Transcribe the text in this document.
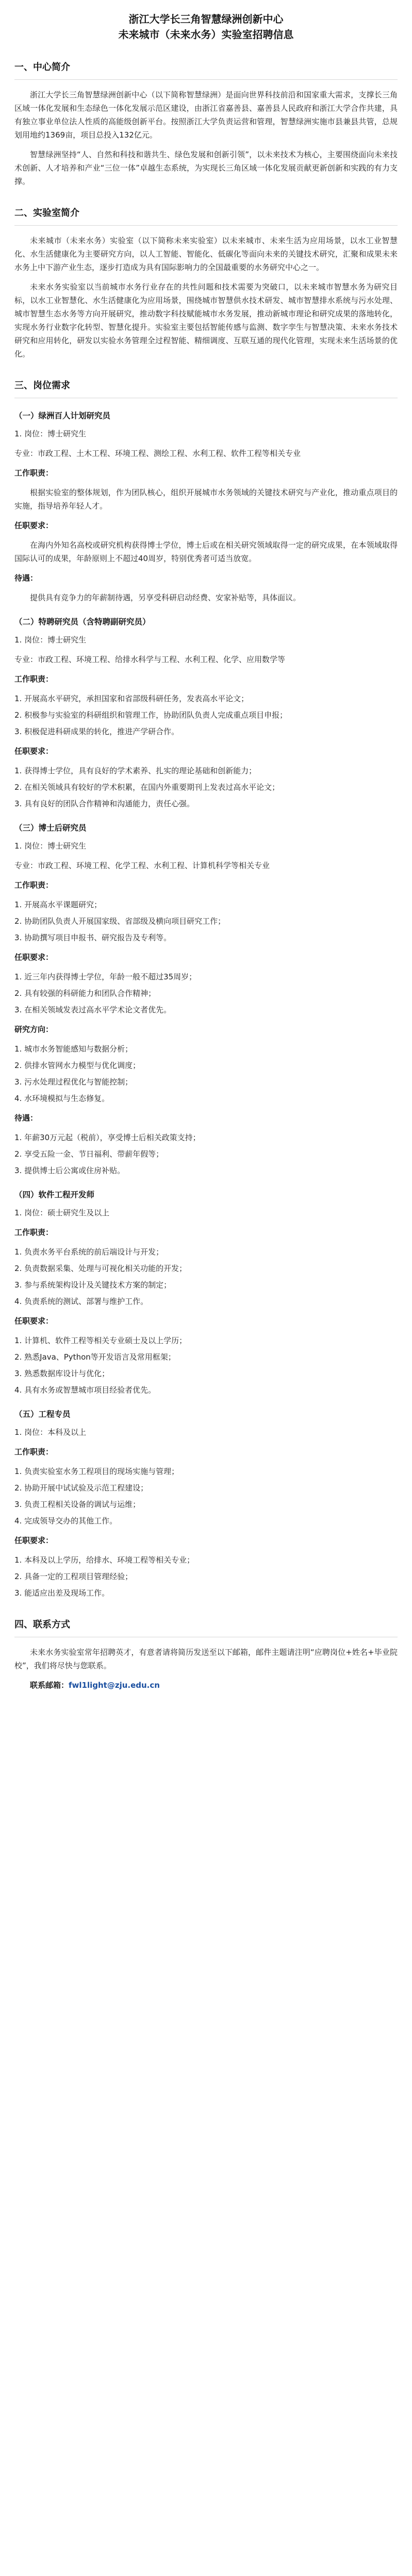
浙江大学长三角智慧绿洲创新中心
未来城市（未来水务）实验室招聘信息
一、中心简介

浙江大学长三角智慧绿洲创新中心（以下简称智慧绿洲）是面向世界科技前沿和国家重大需求，支撑长三角区域一体化发展和生态绿色一体化发展示范区建设，由浙江省嘉善县、嘉善县人民政府和浙江大学合作共建，具有独立事业单位法人性质的高能级创新平台。按照浙江大学负责运营和管理，智慧绿洲实施市县兼县共管，总规划用地约1369亩，项目总投入132亿元。

智慧绿洲坚持“人、自然和科技和谐共生、绿色发展和创新引领”，以未来技术为核心，主要围绕面向未来技术创新、人才培养和产业“三位一体”卓越生态系统，为实现长三角区域一体化发展贡献更新创新和实践的有力支撑。

二、实验室简介

未来城市（未来水务）实验室（以下简称未来实验室）以未来城市、未来生活为应用场景，以水工业智慧化、水生活健康化为主要研究方向，以人工智能、智能化、低碳化等面向未来的关键技术研究，汇聚和成果未来水务上中下游产业生态，逐步打造成为具有国际影响力的全国最重要的水务研究中心之一。

未来水务实验室以当前城市水务行业存在的共性问题和技术需要为突破口，以未来城市智慧水务为研究目标，以水工业智慧化、水生活健康化为应用场景，围绕城市智慧供水技术研发、城市智慧排水系统与污水处理、城市智慧生态水务等方向开展研究，推动数字科技赋能城市水务发展，推动新城市理论和研究成果的落地转化，实现水务行业数字化转型、智慧化提升。实验室主要包括智能传感与监测、数字孪生与智慧决策、未来水务技术研究和应用转化，研发以实验水务管理全过程智能、精细调度、互联互通的现代化管理，实现未来生活场景的优化。

三、岗位需求
（一）绿洲百人计划研究员

1. 岗位：博士研究生

专业：市政工程、土木工程、环境工程、测绘工程、水利工程、软件工程等相关专业

工作职责：

根据实验室的整体规划，作为团队核心，组织开展城市水务领域的关键技术研究与产业化，推动重点项目的实施，指导培养年轻人才。

任职要求：

在海内外知名高校或研究机构获得博士学位，博士后或在相关研究领域取得一定的研究成果，在本领域取得国际认可的成果，年龄原则上不超过40周岁，特别优秀者可适当放宽。

待遇：

提供具有竞争力的年薪制待遇，另享受科研启动经费、安家补贴等，具体面议。

（二）特聘研究员（含特聘副研究员）

1. 岗位：博士研究生

专业：市政工程、环境工程、给排水科学与工程、水利工程、化学、应用数学等

工作职责：

1. 开展高水平研究，承担国家和省部级科研任务，发表高水平论文；
2. 积极参与实验室的科研组织和管理工作，协助团队负责人完成重点项目申报；
3. 积极促进科研成果的转化，推进产学研合作。

任职要求：

1. 获得博士学位，具有良好的学术素养、扎实的理论基础和创新能力；
2. 在相关领域具有较好的学术积累，在国内外重要期刊上发表过高水平论文；
3. 具有良好的团队合作精神和沟通能力，责任心强。
（三）博士后研究员

1. 岗位：博士研究生

专业：市政工程、环境工程、化学工程、水利工程、计算机科学等相关专业

工作职责：

1. 开展高水平课题研究；
2. 协助团队负责人开展国家级、省部级及横向项目研究工作；
3. 协助撰写项目申报书、研究报告及专利等。

任职要求：

1. 近三年内获得博士学位，年龄一般不超过35周岁；
2. 具有较强的科研能力和团队合作精神；
3. 在相关领域发表过高水平学术论文者优先。

研究方向：

1. 城市水务智能感知与数据分析；
2. 供排水管网水力模型与优化调度；
3. 污水处理过程优化与智能控制；
4. 水环境模拟与生态修复。

待遇：

1. 年薪30万元起（税前），享受博士后相关政策支持；
2. 享受五险一金、节日福利、带薪年假等；
3. 提供博士后公寓或住房补贴。
（四）软件工程开发师

1. 岗位：硕士研究生及以上

工作职责：

1. 负责水务平台系统的前后端设计与开发；
2. 负责数据采集、处理与可视化相关功能的开发；
3. 参与系统架构设计及关键技术方案的制定；
4. 负责系统的测试、部署与维护工作。

任职要求：

1. 计算机、软件工程等相关专业硕士及以上学历；
2. 熟悉Java、Python等开发语言及常用框架；
3. 熟悉数据库设计与优化；
4. 具有水务或智慧城市项目经验者优先。
（五）工程专员

1. 岗位：本科及以上

工作职责：

1. 负责实验室水务工程项目的现场实施与管理；
2. 协助开展中试试验及示范工程建设；
3. 负责工程相关设备的调试与运维；
4. 完成领导交办的其他工作。

任职要求：

1. 本科及以上学历，给排水、环境工程等相关专业；
2. 具备一定的工程项目管理经验；
3. 能适应出差及现场工作。
四、联系方式

未来水务实验室常年招聘英才，有意者请将简历发送至以下邮箱，邮件主题请注明“应聘岗位+姓名+毕业院校”，我们将尽快与您联系。

联系邮箱：fwl1light@zju.edu.cn
